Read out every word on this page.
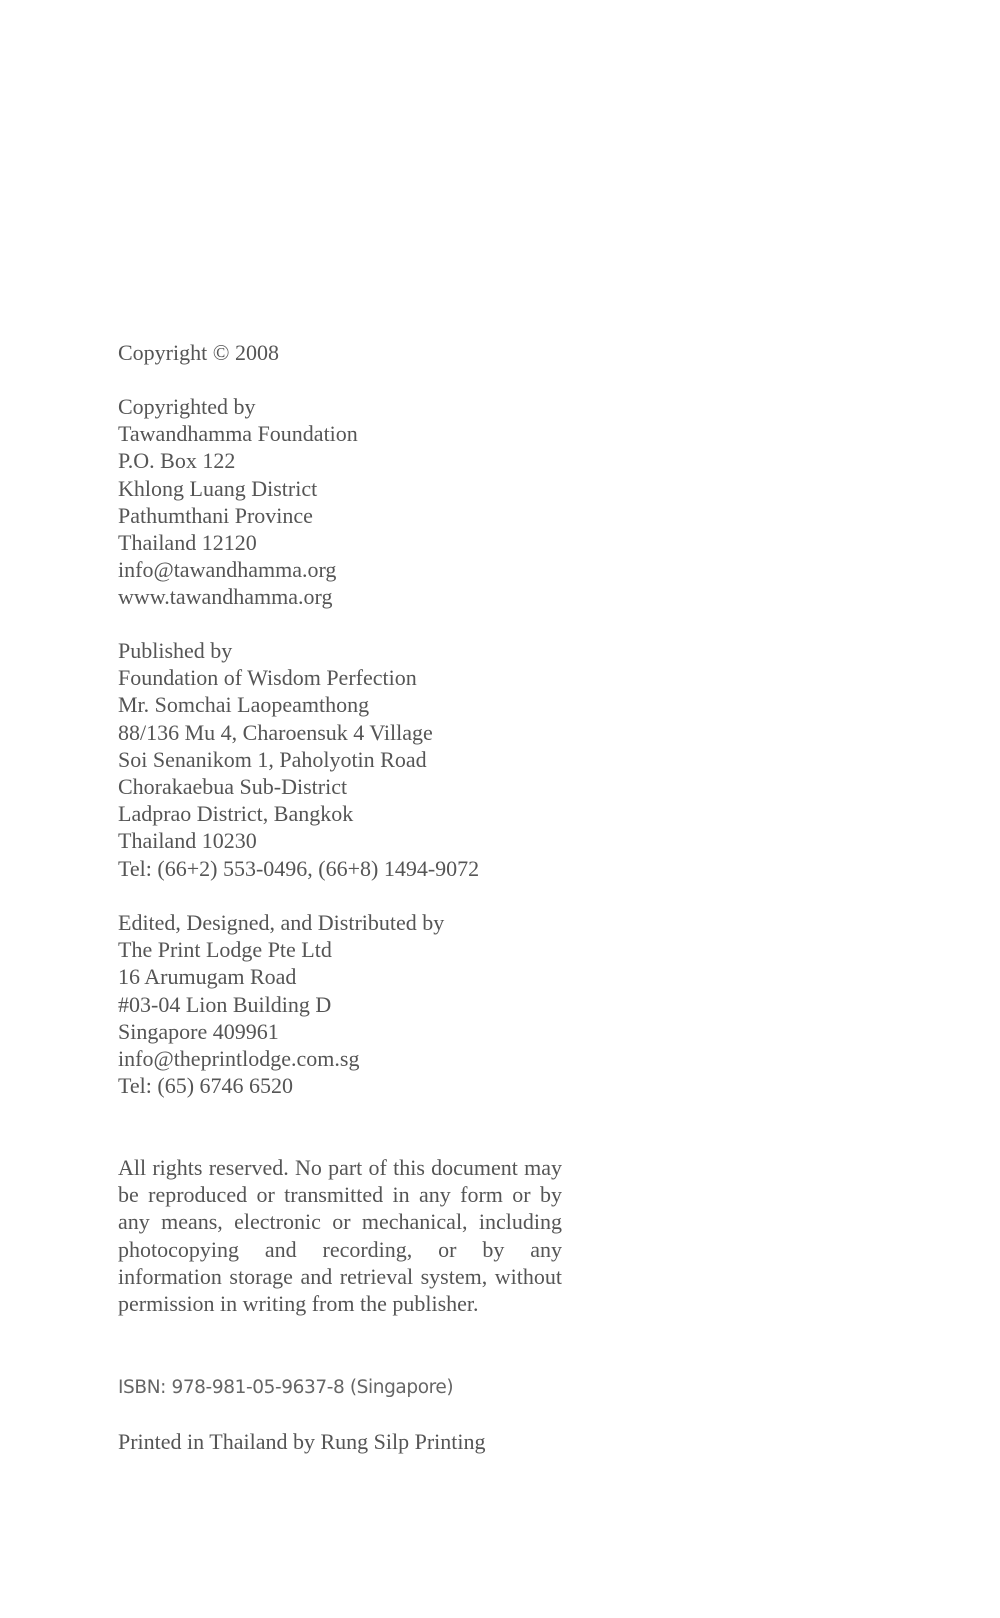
Copyright © 2008
Copyrighted by
Tawandhamma Foundation
P.O. Box 122
Khlong Luang District
Pathumthani Province
Thailand 12120
info@tawandhamma.org
www.tawandhamma.org
Published by
Foundation of Wisdom Perfection
Mr. Somchai Laopeamthong
88/136 Mu 4, Charoensuk 4 Village
Soi Senanikom 1, Paholyotin Road
Chorakaebua Sub-District
Ladprao District, Bangkok
Thailand 10230
Tel: (66+2) 553-0496, (66+8) 1494-9072
Edited, Designed, and Distributed by
The Print Lodge Pte Ltd
16 Arumugam Road
#03-04 Lion Building D
Singapore 409961
info@theprintlodge.com.sg
Tel: (65) 6746 6520
All rights reserved. No part of this document may be reproduced or transmitted in any form or by any means, electronic or mechanical, including photocopying and recording, or by any information storage and retrieval system, without permission in writing from the publisher.
ISBN: 978-981-05-9637-8 (Singapore)
Printed in Thailand by Rung Silp Printing
